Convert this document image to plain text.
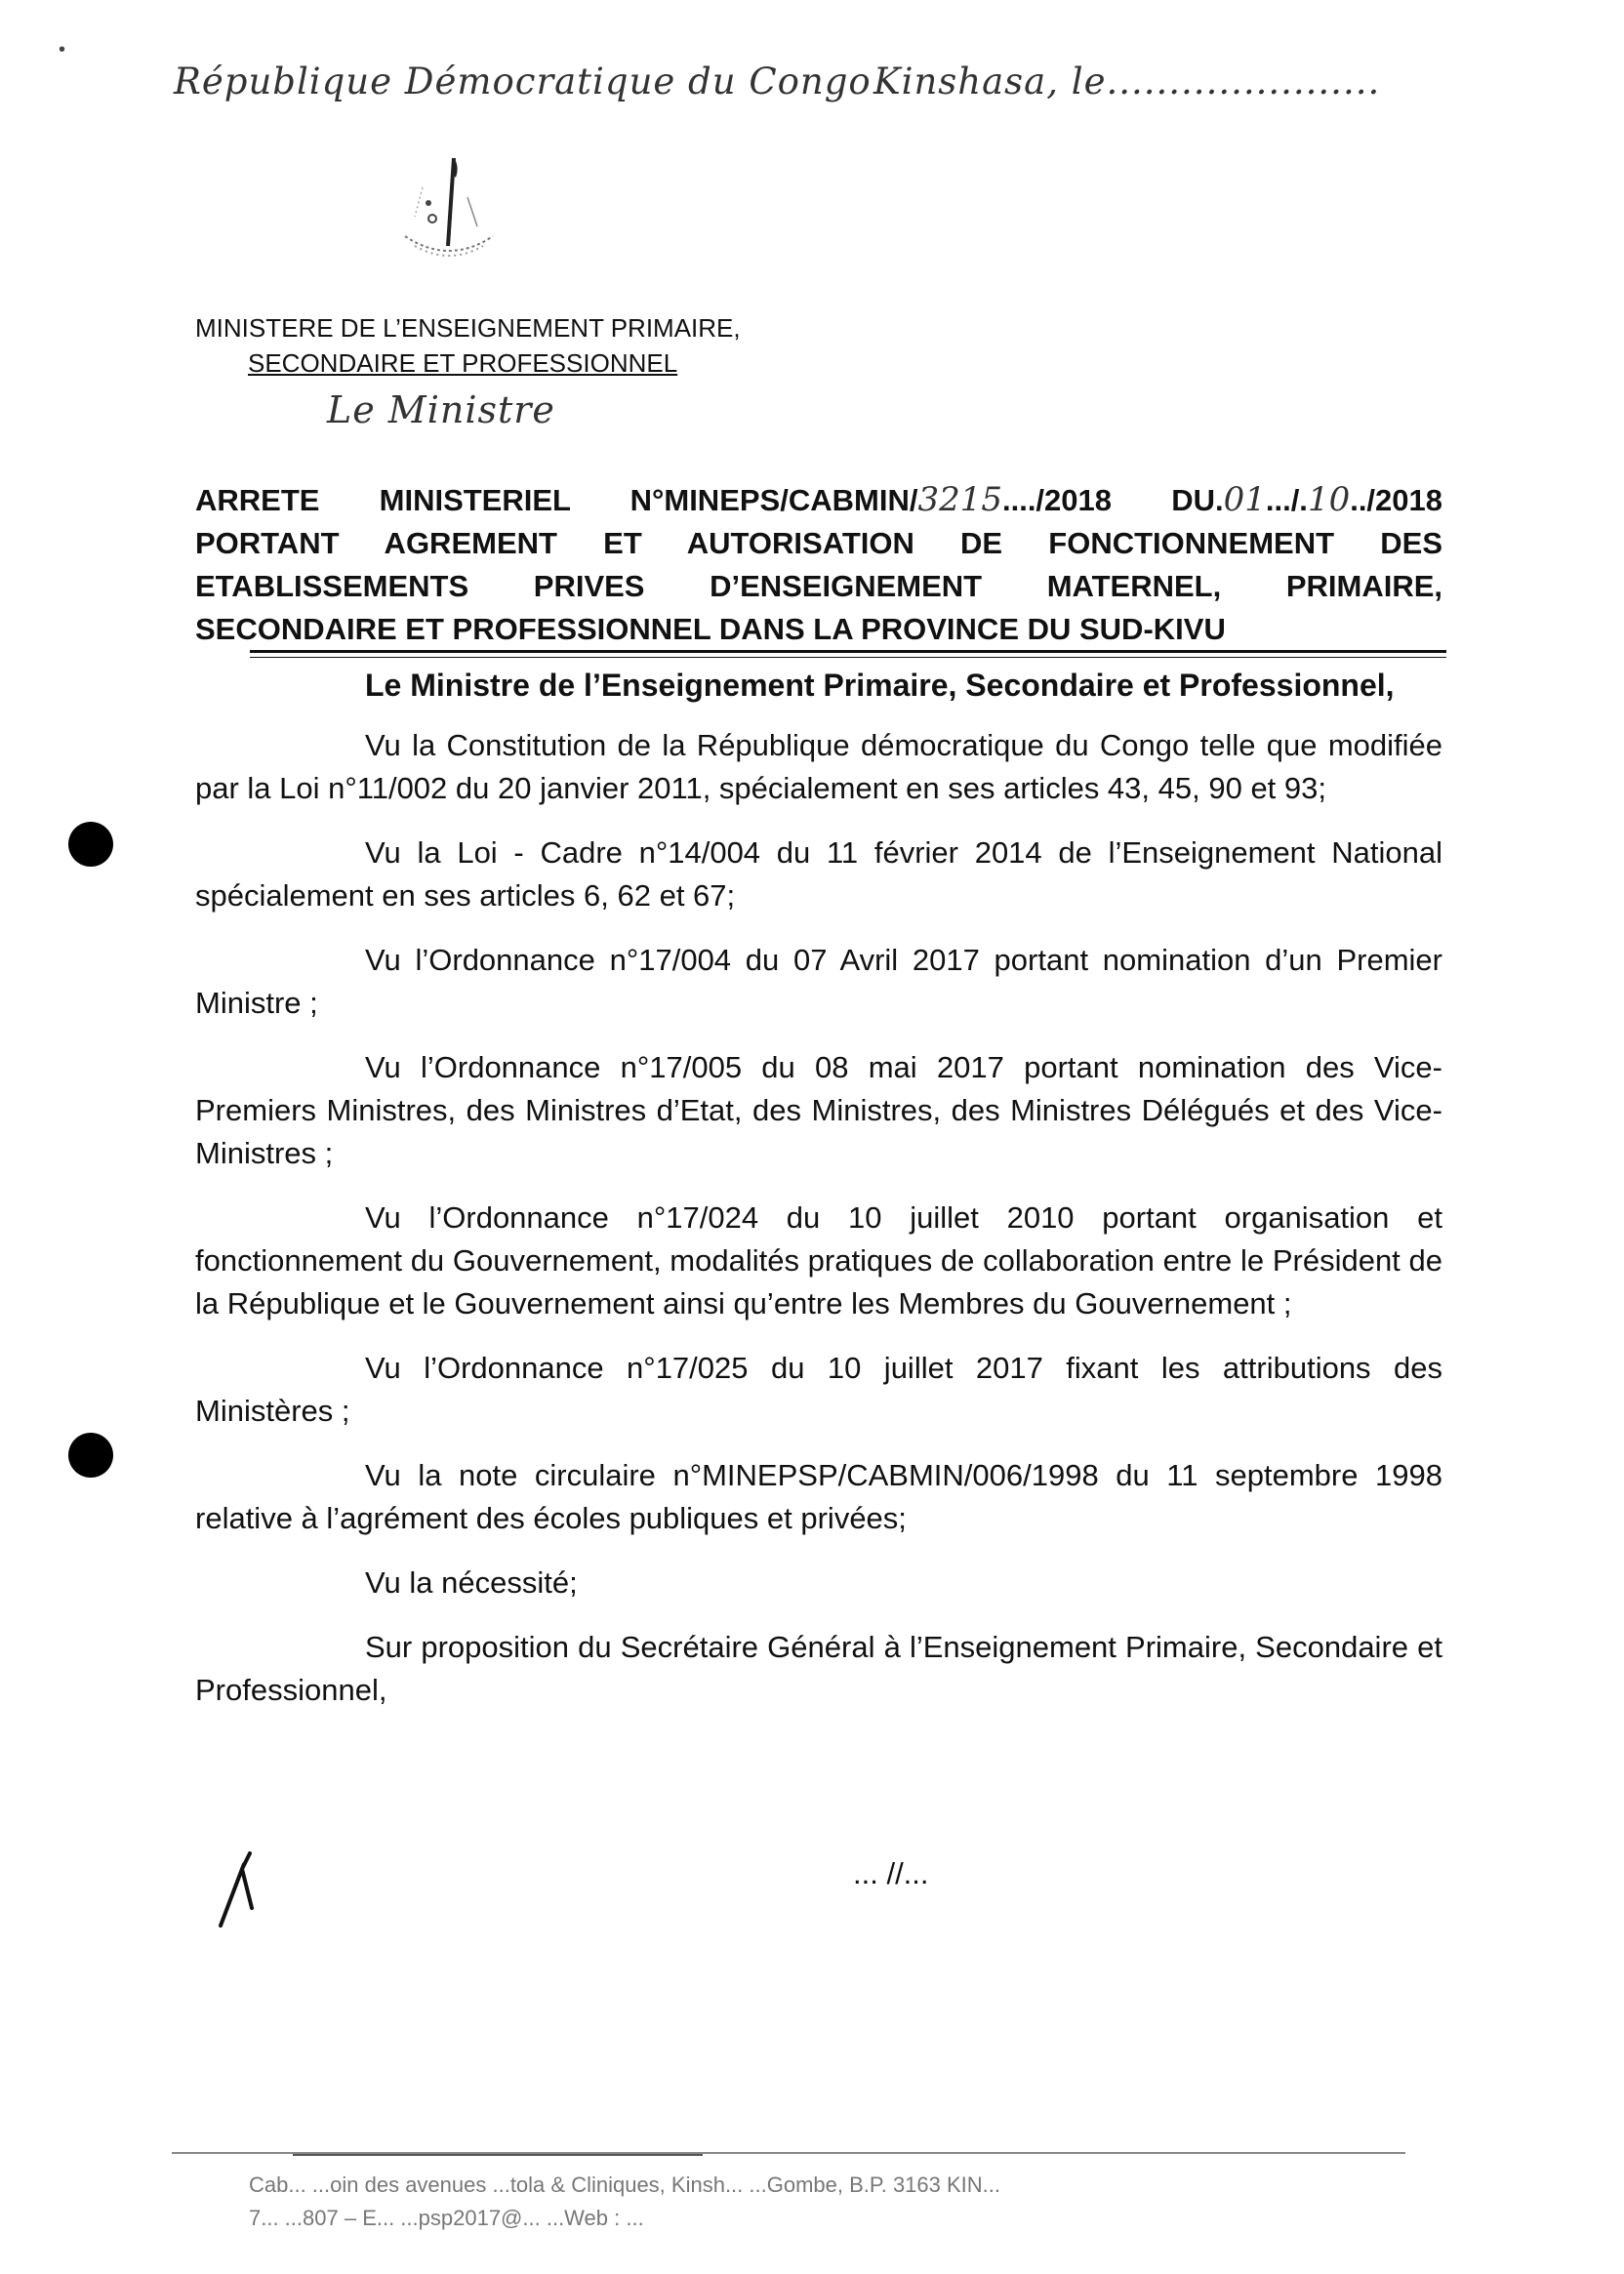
•
République Démocratique du Congo Kinshasa, le......................
MINISTERE DE L’ENSEIGNEMENT PRIMAIRE,
SECONDAIRE ET PROFESSIONNEL
Le Ministre
ARRETE MINISTERIEL N°MINEPS/CABMIN/3215..../2018 DU.01.../.10../2018
PORTANT AGREMENT ET AUTORISATION DE FONCTIONNEMENT DES
ETABLISSEMENTS PRIVES D’ENSEIGNEMENT MATERNEL, PRIMAIRE,
SECONDAIRE ET PROFESSIONNEL DANS LA PROVINCE DU SUD-KIVU

Le Ministre de l’Enseignement Primaire, Secondaire et Professionnel,

Vu la Constitution de la République démocratique du Congo telle que modifiée par la Loi n°11/002 du 20 janvier 2011, spécialement en ses articles 43, 45, 90 et 93;

Vu la Loi - Cadre n°14/004 du 11 février 2014 de l’Enseignement National spécialement en ses articles 6, 62 et 67;

Vu l’Ordonnance n°17/004 du 07 Avril 2017 portant nomination d’un Premier Ministre ;

Vu l’Ordonnance n°17/005 du 08 mai 2017 portant nomination des Vice-Premiers Ministres, des Ministres d’Etat, des Ministres, des Ministres Délégués et des Vice-Ministres ;

Vu l’Ordonnance n°17/024 du 10 juillet 2010 portant organisation et fonctionnement du Gouvernement, modalités pratiques de collaboration entre le Président de la République et le Gouvernement ainsi qu’entre les Membres du Gouvernement ;

Vu l’Ordonnance n°17/025 du 10 juillet 2017 fixant les attributions des Ministères ;

Vu la note circulaire n°MINEPSP/CABMIN/006/1998 du 11 septembre 1998 relative à l’agrément des écoles publiques et privées;

Vu la nécessité;

Sur proposition du Secrétaire Général à l’Enseignement Primaire, Secondaire et Professionnel,

... //...
Cab... ...oin des avenues ...tola & Cliniques, Kinsh... ...Gombe, B.P. 3163 KIN...
7... ...807 – E... ...psp2017@... ...Web : ...
